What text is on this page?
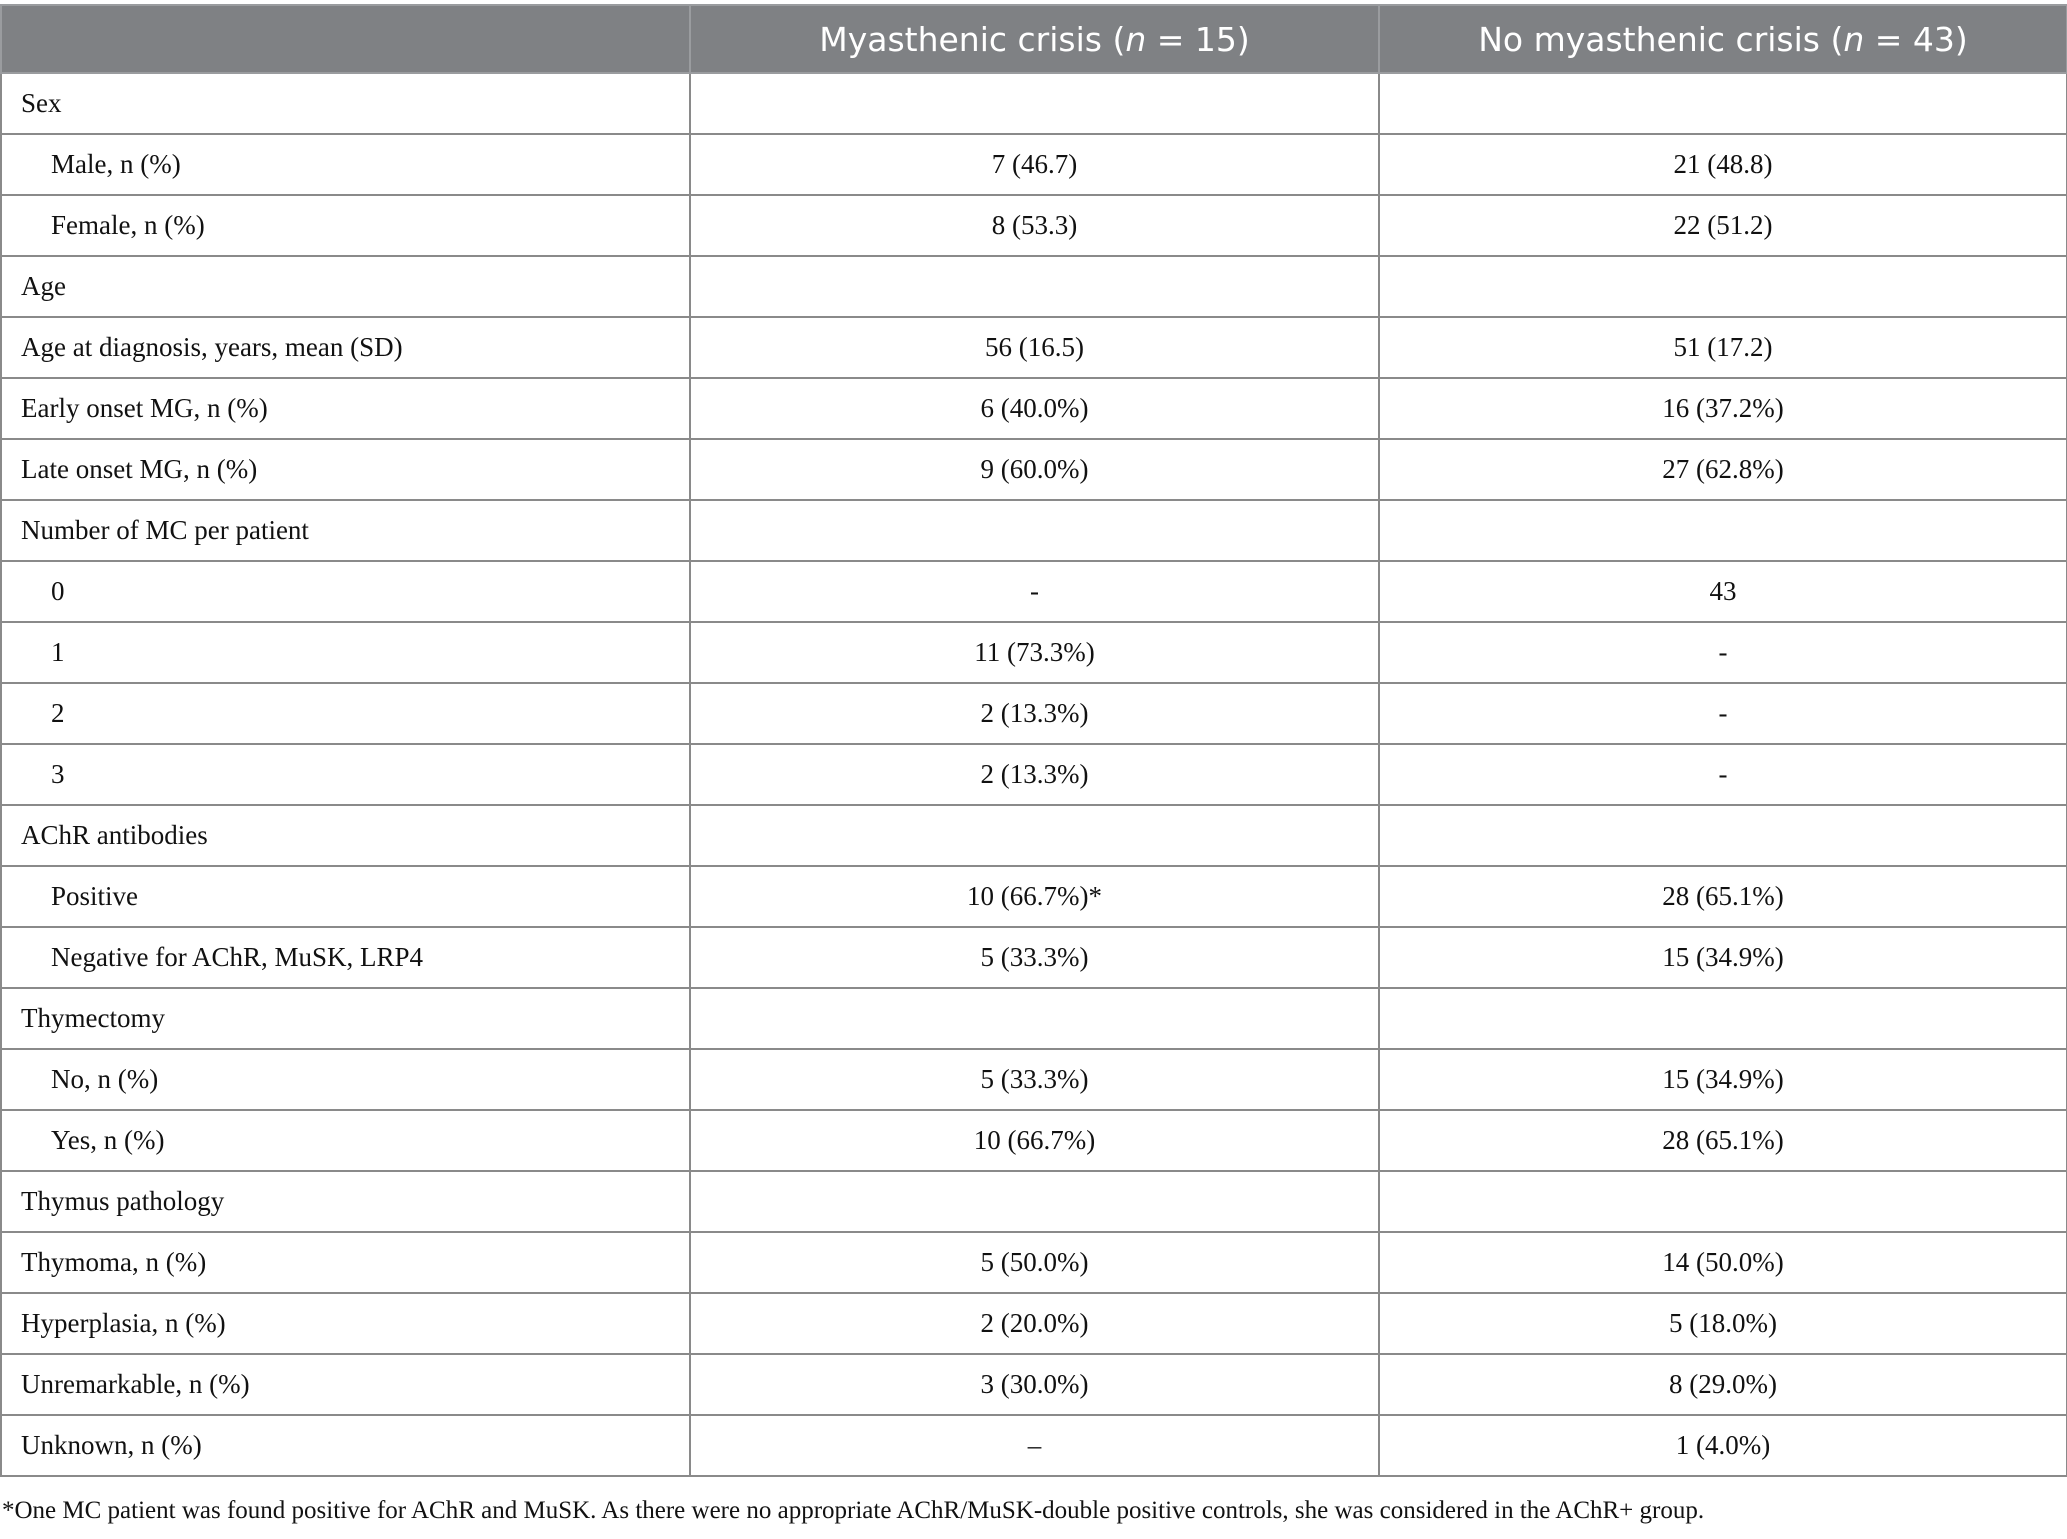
	Myasthenic crisis (n = 15)	No myasthenic crisis (n = 43)
Sex		
Male, n (%)	7 (46.7)	21 (48.8)
Female, n (%)	8 (53.3)	22 (51.2)
Age		
Age at diagnosis, years, mean (SD)	56 (16.5)	51 (17.2)
Early onset MG, n (%)	6 (40.0%)	16 (37.2%)
Late onset MG, n (%)	9 (60.0%)	27 (62.8%)
Number of MC per patient		
0	-	43
1	11 (73.3%)	-
2	2 (13.3%)	-
3	2 (13.3%)	-
AChR antibodies		
Positive	10 (66.7%)*	28 (65.1%)
Negative for AChR, MuSK, LRP4	5 (33.3%)	15 (34.9%)
Thymectomy		
No, n (%)	5 (33.3%)	15 (34.9%)
Yes, n (%)	10 (66.7%)	28 (65.1%)
Thymus pathology		
Thymoma, n (%)	5 (50.0%)	14 (50.0%)
Hyperplasia, n (%)	2 (20.0%)	5 (18.0%)
Unremarkable, n (%)	3 (30.0%)	8 (29.0%)
Unknown, n (%)	–	1 (4.0%)
*One MC patient was found positive for AChR and MuSK. As there were no appropriate AChR/MuSK-double positive controls, she was considered in the AChR+ group.
